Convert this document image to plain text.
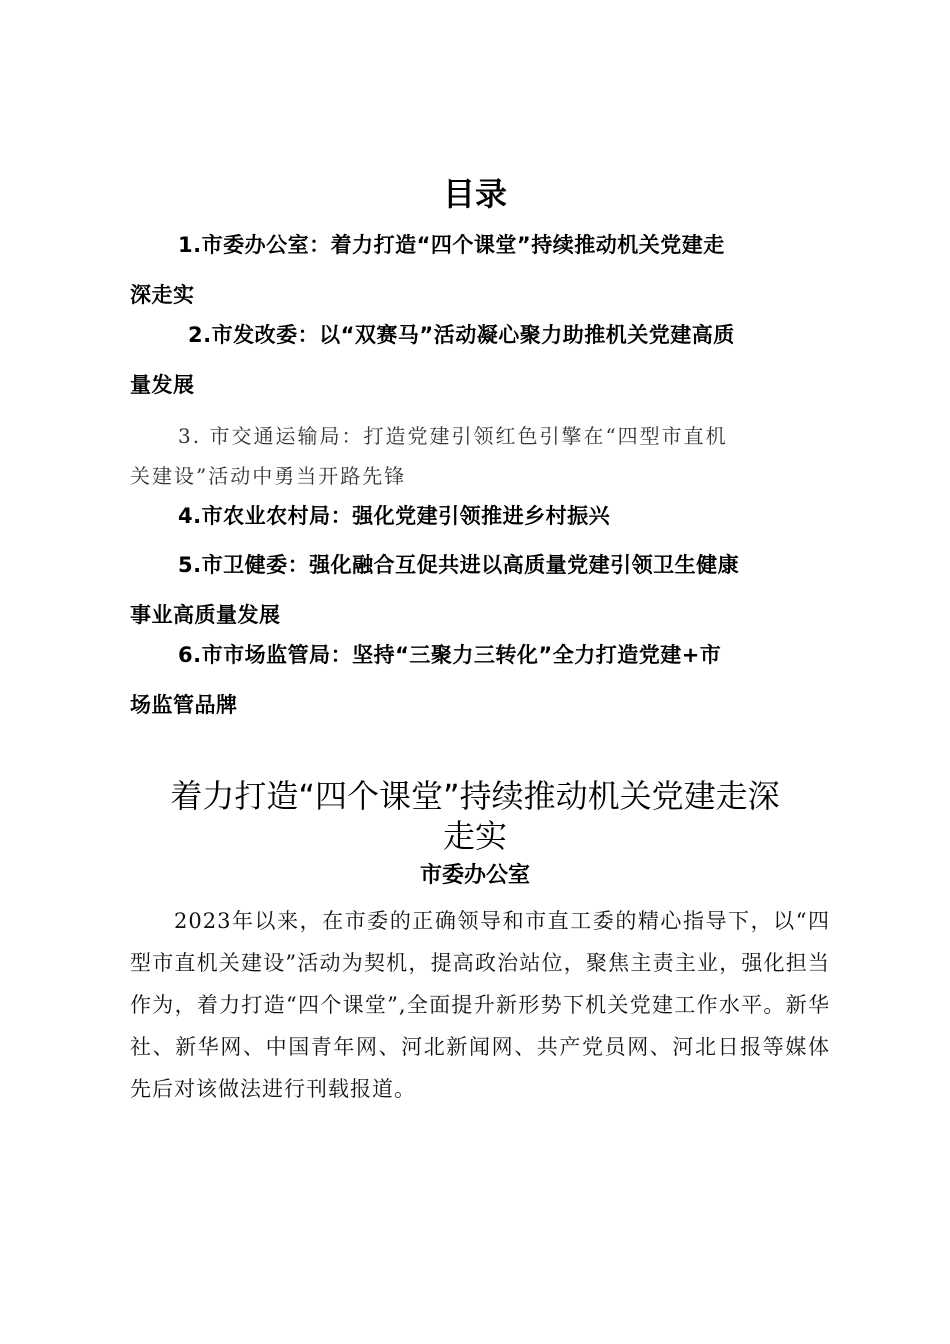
目录

1.市委办公室：着力打造“四个课堂”持续推动机关党建走
深走实

2.市发改委：以“双赛马”活动凝心聚力助推机关党建高质
量发展

3. 市交通运输局：打造党建引领红色引擎在“四型市直机
关建设”活动中勇当开路先锋

4.市农业农村局：强化党建引领推进乡村振兴

5.市卫健委：强化融合互促共进以高质量党建引领卫生健康
事业高质量发展

6.市市场监管局：坚持“三聚力三转化”全力打造党建+市
场监管品牌

着力打造“四个课堂”持续推动机关党建走深
走实
市委办公室

2023年以来，在市委的正确领导和市直工委的精心指导下，以“四型市直机关建设”活动为契机，提高政治站位，聚焦主责主业，强化担当作为，着力打造“四个课堂”,全面提升新形势下机关党建工作水平。新华社、新华网、中国青年网、河北新闻网、共产党员网、河北日报等媒体先后对该做法进行刊载报道。
